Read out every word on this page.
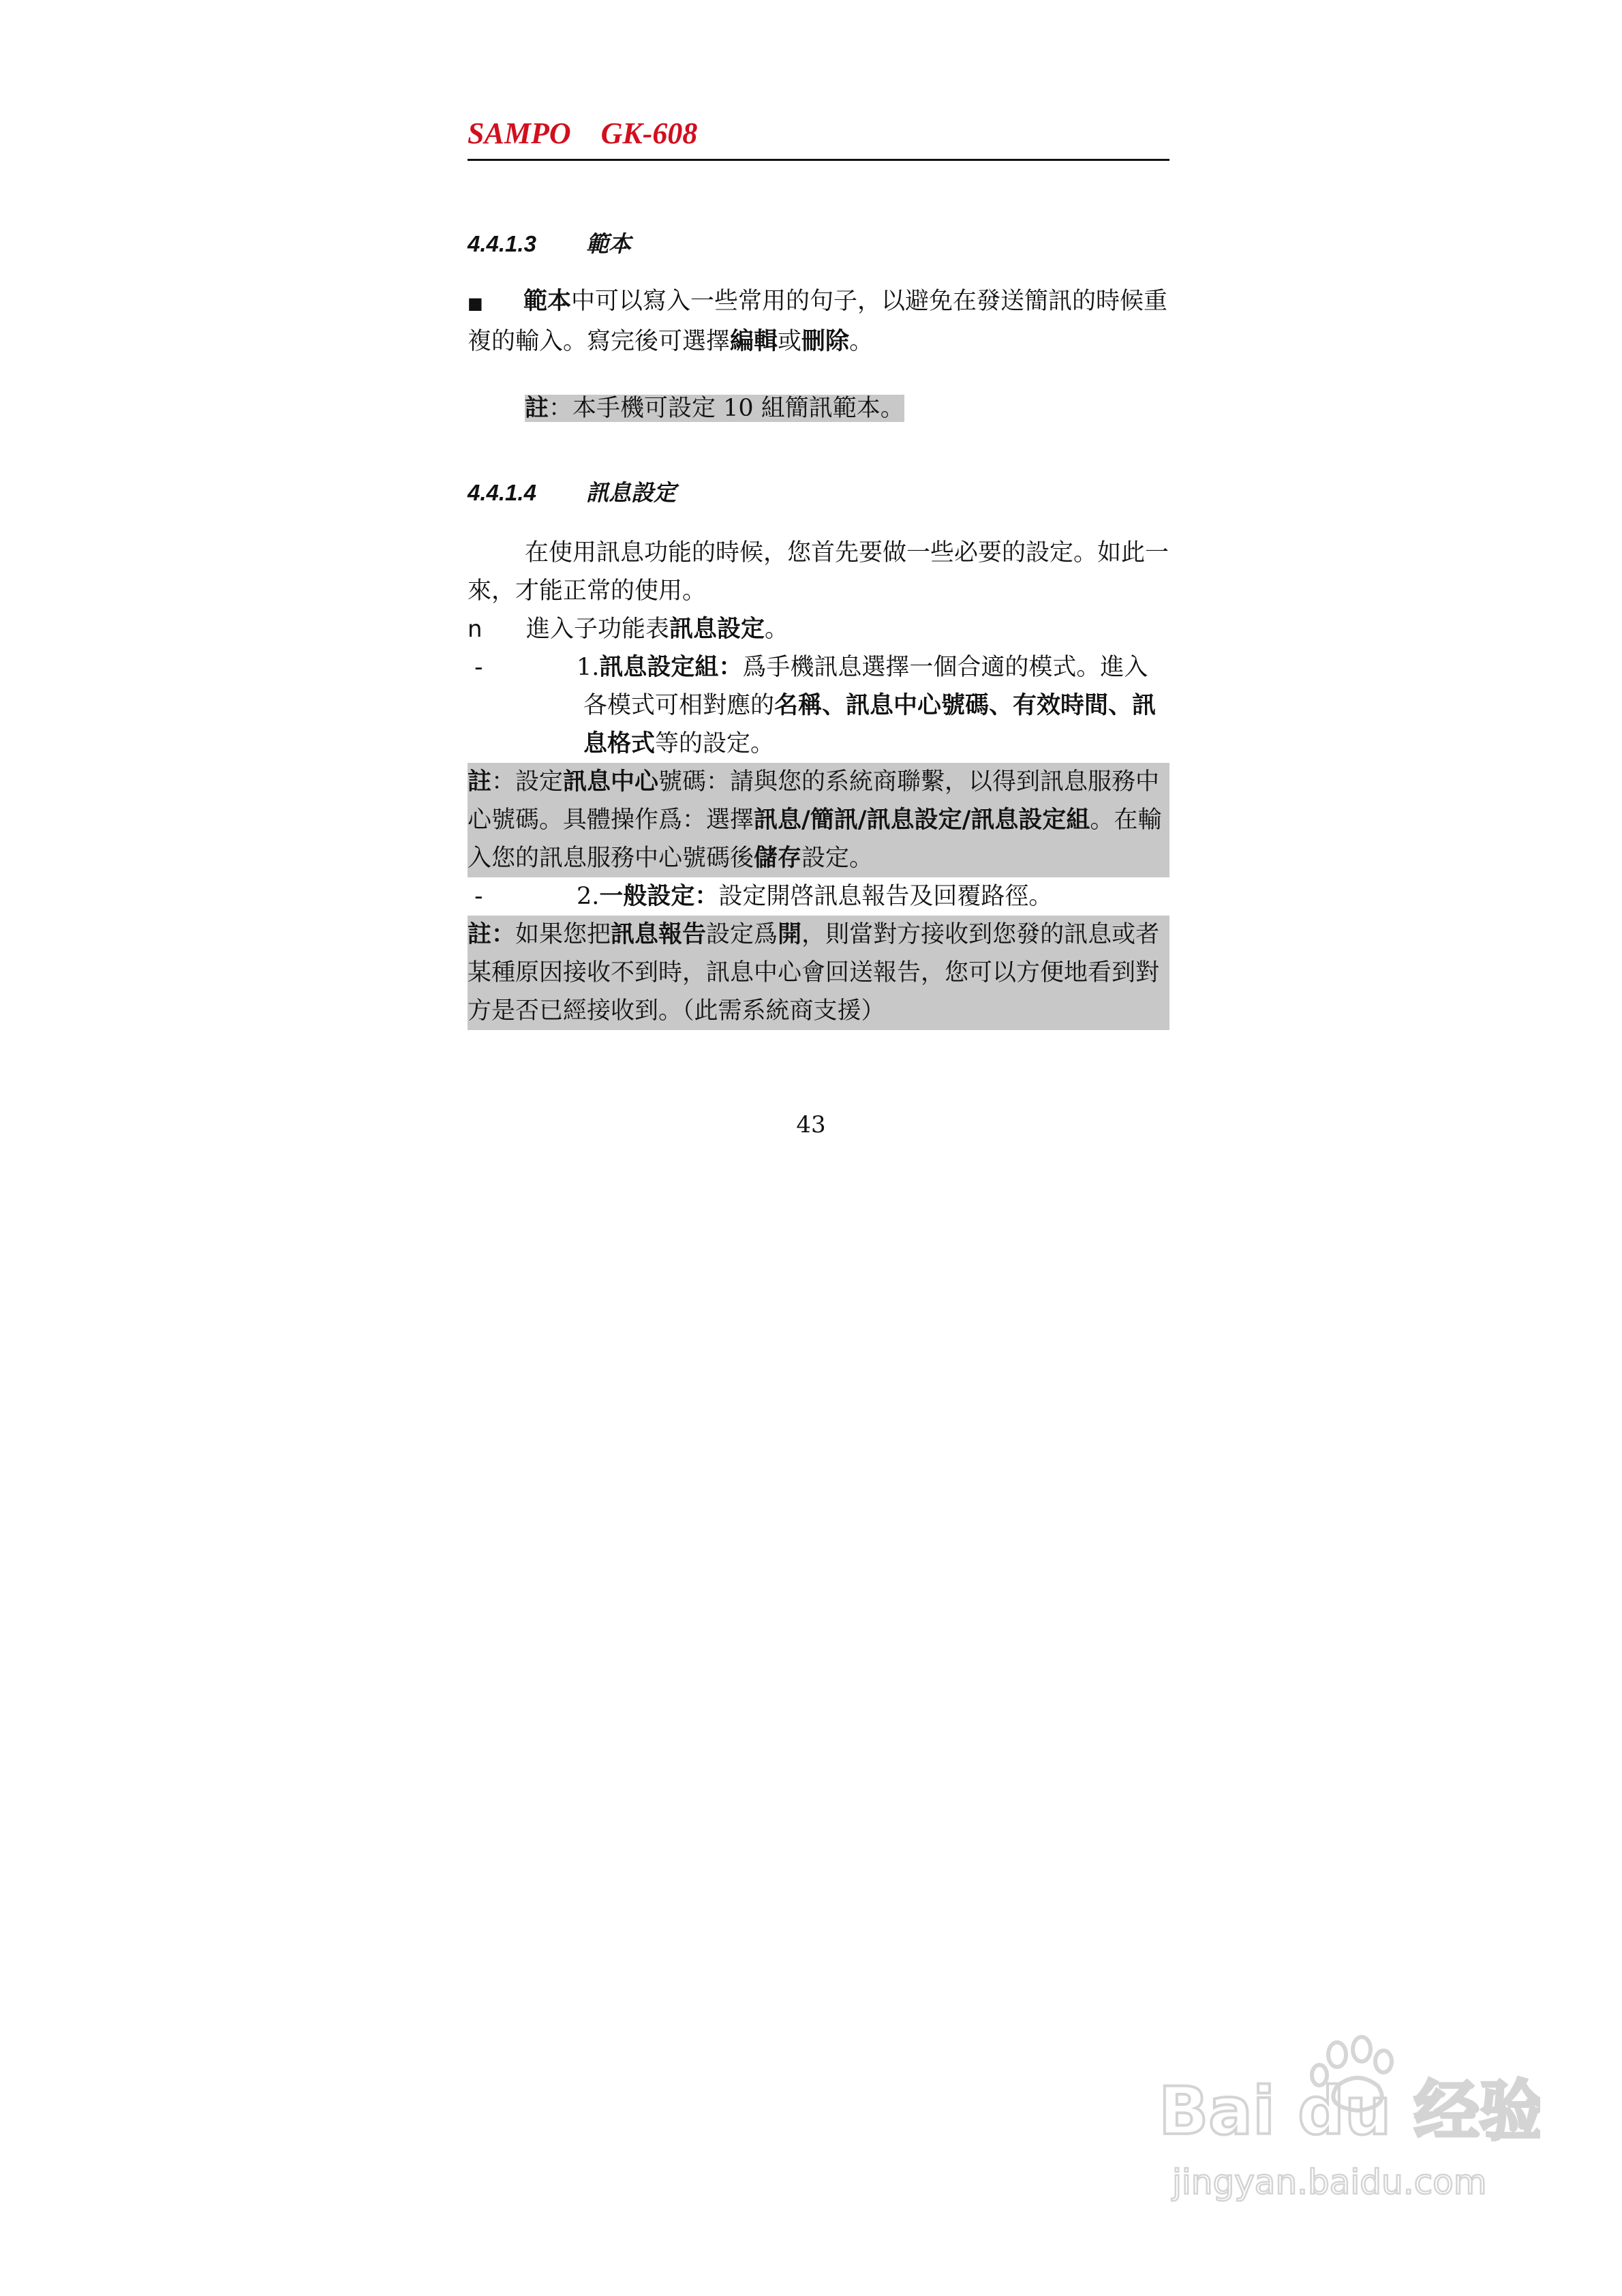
SAMPO    GK-608
4.4.1.3 範本
■ 範本中可以寫入一些常用的句子，以避免在發送簡訊的時候重複的輸入。寫完後可選擇編輯或刪除。
註：本手機可設定 10 組簡訊範本。
4.4.1.4 訊息設定
在使用訊息功能的時候，您首先要做一些必要的設定。如此一來，才能正常的使用。
n 進入子功能表訊息設定。
-	1.訊息設定組：爲手機訊息選擇一個合適的模式。進入各模式可相對應的名稱、訊息中心號碼、有效時間、訊息格式等的設定。
註：設定訊息中心號碼：請與您的系統商聯繫，以得到訊息服務中心號碼。具體操作爲：選擇訊息/簡訊/訊息設定/訊息設定組。在輸入您的訊息服務中心號碼後儲存設定。
-	2.一般設定：設定開啓訊息報告及回覆路徑。
註：如果您把訊息報告設定爲開，則當對方接收到您發的訊息或者某種原因接收不到時，訊息中心會回送報告，您可以方便地看到對方是否已經接收到。（此需系統商支援）
43
Bai du 经验
jingyan.baidu.com
